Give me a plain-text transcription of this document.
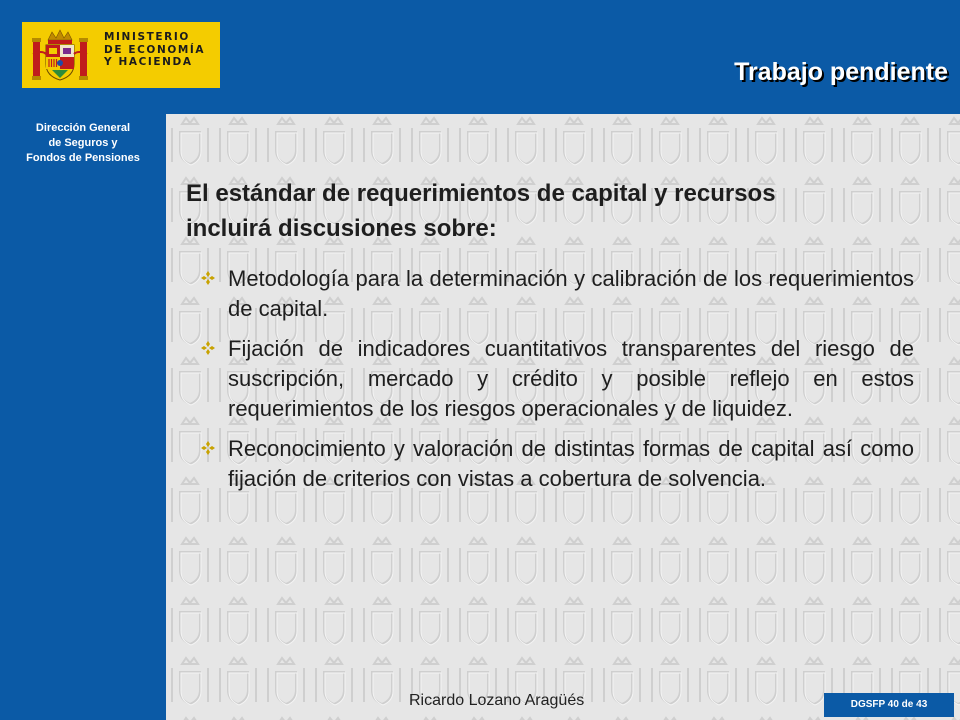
MINISTERIO
DE ECONOMÍA
Y HACIENDA
Dirección General
de Seguros y
Fondos de Pensiones
Trabajo pendiente
El estándar de requerimientos de capital y recursos
incluirá discusiones sobre:
Metodología para la determinación y calibración de los requerimientos de capital.
Fijación de indicadores cuantitativos transparentes del riesgo de suscripción, mercado y crédito y posible reflejo en estos requerimientos de los riesgos operacionales y de liquidez.
Reconocimiento y valoración de distintas formas de capital así como fijación de criterios con vistas a cobertura de solvencia.
Ricardo Lozano Aragüés	DGSFP 40 de 43
